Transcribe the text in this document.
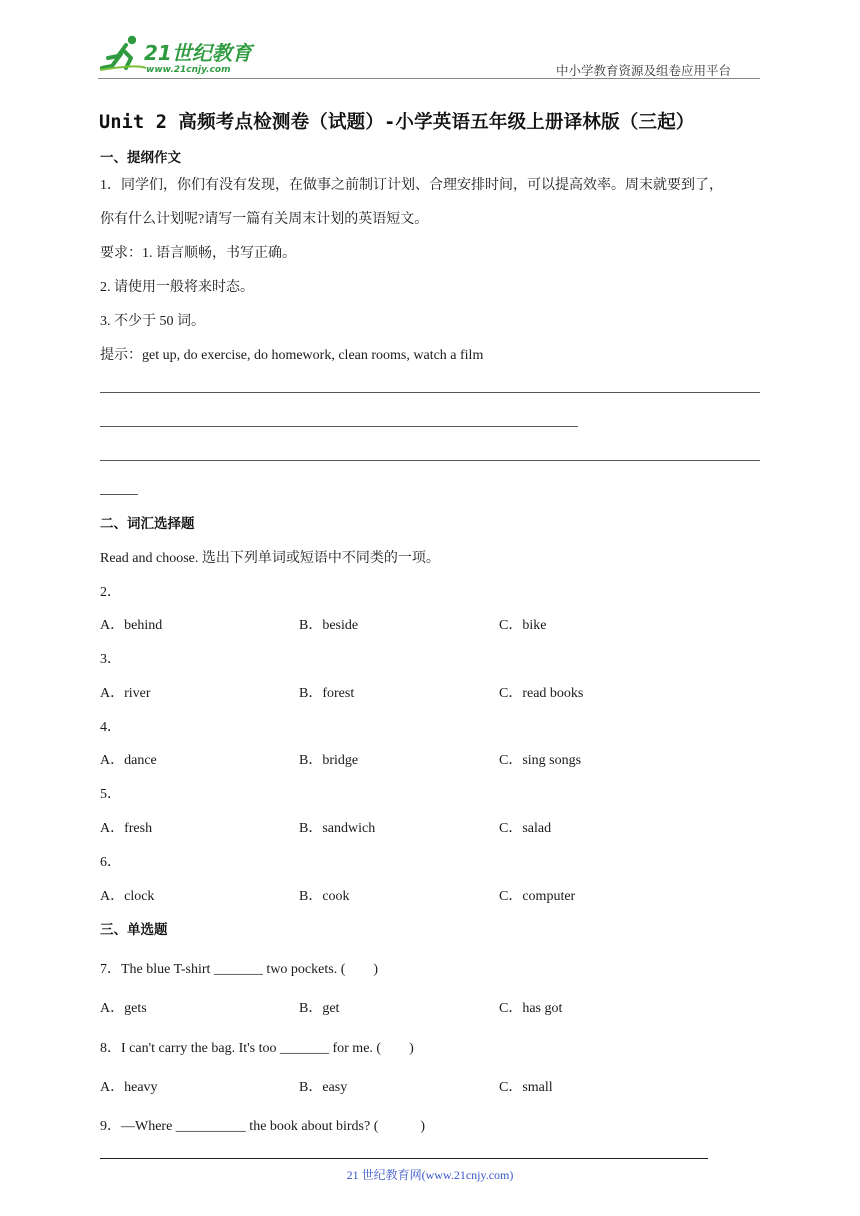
21世纪教育
www.21cnjy.com	中小学教育资源及组卷应用平台
Unit 2 高频考点检测卷（试题）-小学英语五年级上册译林版（三起）
一、提纲作文
1．同学们，你们有没有发现，在做事之前制订计划、合理安排时间，可以提高效率。周末就要到了，
你有什么计划呢?请写一篇有关周末计划的英语短文。
要求：1. 语言顺畅，书写正确。
2. 请使用一般将来时态。
3. 不少于 50 词。
提示：get up, do exercise, do homework, clean rooms, watch a film
二、词汇选择题
Read and choose. 选出下列单词或短语中不同类的一项。
2．
A．behind	B．beside	C．bike
3．
A．river	B．forest	C．read books
4．
A．dance	B．bridge	C．sing songs
5．
A．fresh	B．sandwich	C．salad
6．
A．clock	B．cook	C．computer
三、单选题
7．The blue T-shirt _______ two pockets. (　　)
A．gets	B．get	C．has got
8．I can't carry the bag. It's too _______ for me. (　　)
A．heavy	B．easy	C．small
9．—Where __________ the book about birds? (　　　)
21 世纪教育网(www.21cnjy.com)
